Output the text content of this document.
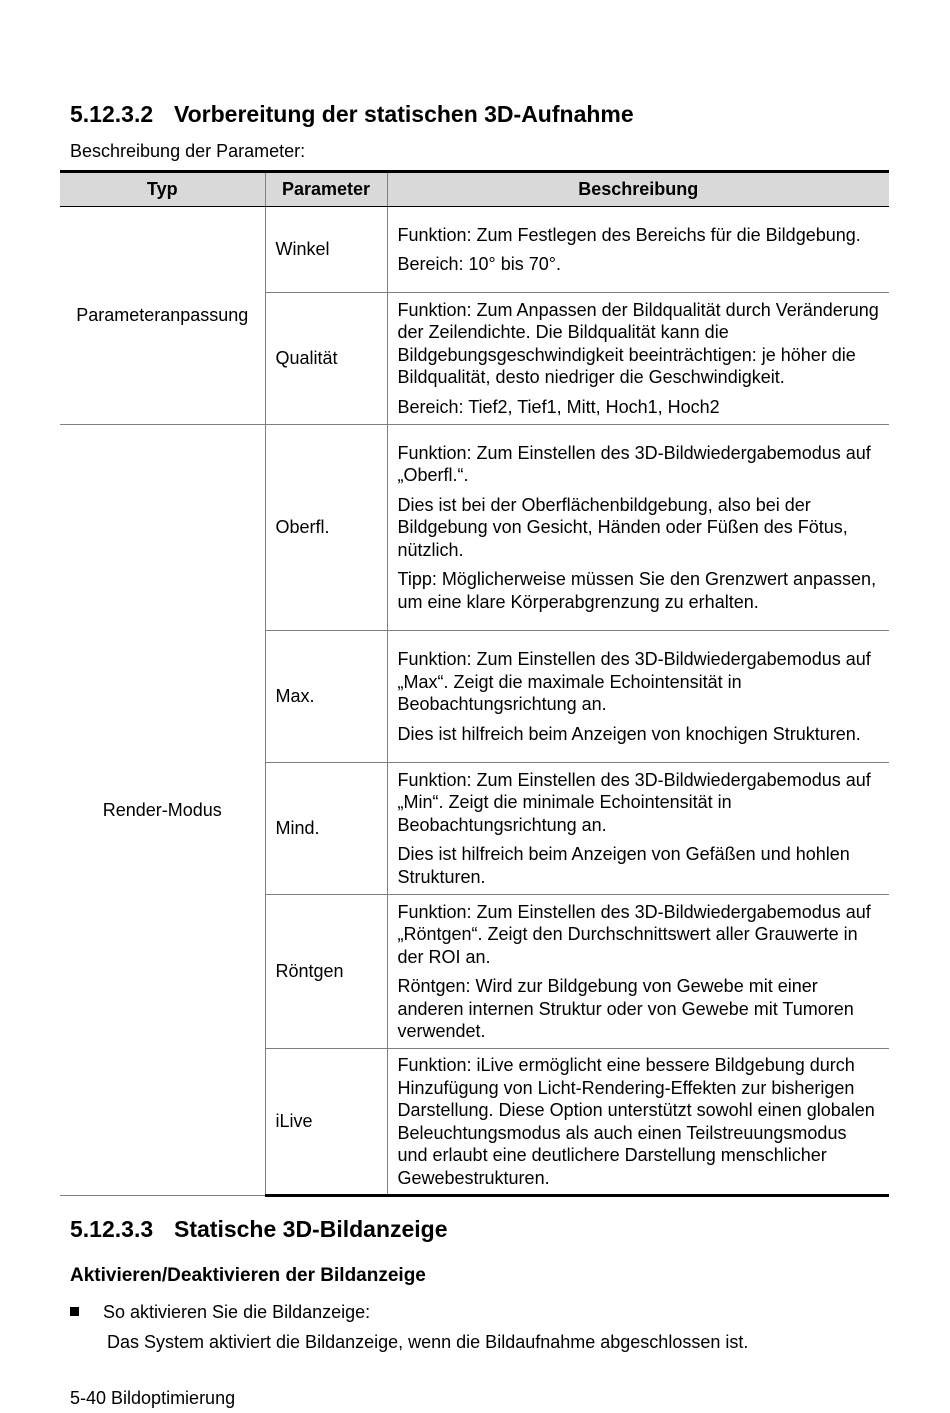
5.12.3.2 Vorbereitung der statischen 3D-Aufnahme

Beschreibung der Parameter:

Typ	Parameter	Beschreibung
Parameteranpassung	Winkel	Funktion: Zum Festlegen des Bereichs für die Bildgebung.

Bereich: 10° bis 70°.

	Qualität	Funktion: Zum Anpassen der Bildqualität durch Veränderung der Zeilendichte. Die Bildqualität kann die Bildgebungsgeschwindigkeit beeinträchtigen: je höher die Bildqualität, desto niedriger die Geschwindigkeit.

Bereich: Tief2, Tief1, Mitt, Hoch1, Hoch2

Render-Modus	Oberfl.	Funktion: Zum Einstellen des 3D-Bildwiedergabemodus auf „Oberfl.“.

Dies ist bei der Oberflächenbildgebung, also bei der Bildgebung von Gesicht, Händen oder Füßen des Fötus, nützlich.

Tipp: Möglicherweise müssen Sie den Grenzwert anpassen, um eine klare Körperabgrenzung zu erhalten.

	Max.	Funktion: Zum Einstellen des 3D-Bildwiedergabemodus auf „Max“. Zeigt die maximale Echointensität in Beobachtungsrichtung an.

Dies ist hilfreich beim Anzeigen von knochigen Strukturen.

	Mind.	Funktion: Zum Einstellen des 3D-Bildwiedergabemodus auf „Min“. Zeigt die minimale Echointensität in Beobachtungsrichtung an.

Dies ist hilfreich beim Anzeigen von Gefäßen und hohlen Strukturen.

	Röntgen	Funktion: Zum Einstellen des 3D-Bildwiedergabemodus auf „Röntgen“. Zeigt den Durchschnittswert aller Grauwerte in der ROI an.

Röntgen: Wird zur Bildgebung von Gewebe mit einer anderen internen Struktur oder von Gewebe mit Tumoren verwendet.

	iLive	Funktion: iLive ermöglicht eine bessere Bildgebung durch Hinzufügung von Licht-Rendering-Effekten zur bisherigen Darstellung. Diese Option unterstützt sowohl einen globalen Beleuchtungsmodus als auch einen Teilstreuungsmodus und erlaubt eine deutlichere Darstellung menschlicher Gewebestrukturen.

5.12.3.3 Statische 3D-Bildanzeige
Aktivieren/Deaktivieren der Bildanzeige
So aktivieren Sie die Bildanzeige:
Das System aktiviert die Bildanzeige, wenn die Bildaufnahme abgeschlossen ist.
5-40 Bildoptimierung
